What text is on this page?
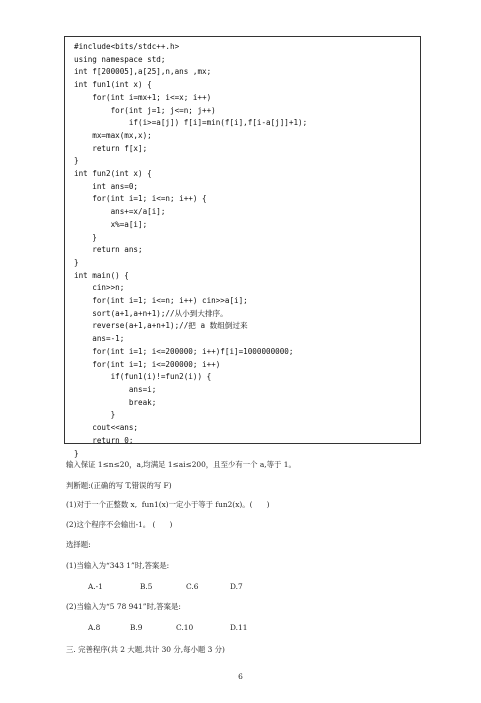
#include<bits/stdc++.h>
using namespace std;
int f[200005],a[25],n,ans ,mx;
int fun1(int x) {
for(int i=mx+1; i<=x; i++)
for(int j=1; j<=n; j++)
if(i>=a[j]) f[i]=min(f[i],f[i-a[j]]+1);
mx=max(mx,x);
return f[x];
}
int fun2(int x) {
int ans=0;
for(int i=1; i<=n; i++) {
ans+=x/a[i];
x%=a[i];
}
return ans;
}
int main() {
cin>>n;
for(int i=1; i<=n; i++) cin>>a[i];
sort(a+1,a+n+1);//从小到大排序。
reverse(a+1,a+n+1);//把 a 数组倒过来
ans=-1;
for(int i=1; i<=200000; i++)f[i]=1000000000;
for(int i=1; i<=200000; i++)
if(fun1(i)!=fun2(i)) {
ans=i;
break;
}
cout<<ans;
return 0;
}
输入保证 1≤n≤20，a,均满足 1≤ai≤200，且至少有一个 a,等于 1。
判断题:(正确的写 T,错误的写 F)
(1)对于一个正整数 x,  fun1(x)一定小于等于 fun2(x)。(      )
(2)这个程序不会输出-1。 (      )
选择题:
(1)当输入为“343 1”时,答案是:
A.-1	B.5	C.6	D.7
(2)当输入为“5 78 941”时,答案是:
A.8	B.9	C.10	D.11
三. 完善程序(共 2 大题,共计 30 分,每小题 3 分)
6
